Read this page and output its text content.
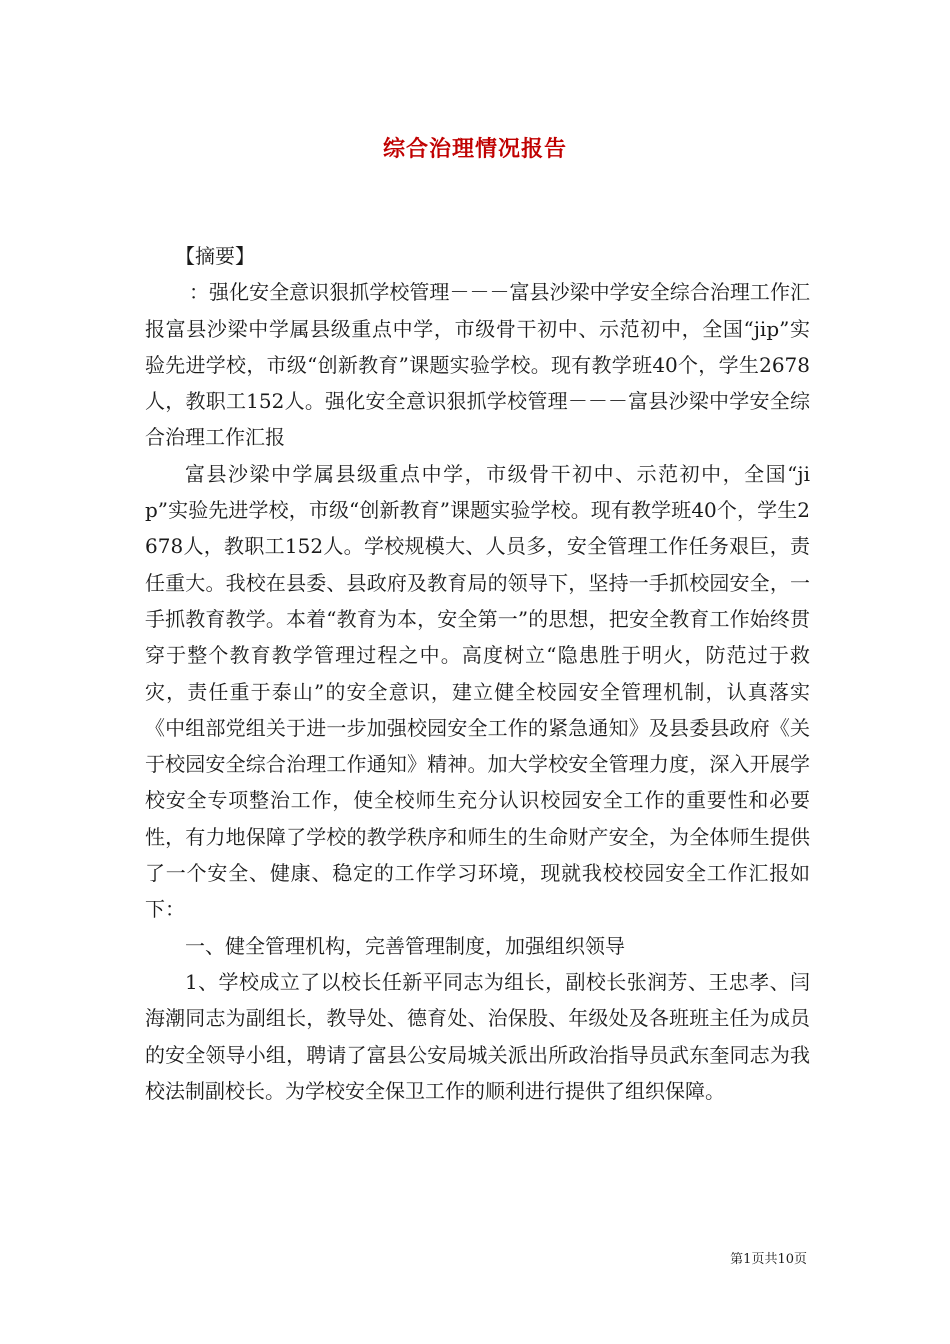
综合治理情况报告

【摘要】

：强化安全意识狠抓学校管理－－－富县沙梁中学安全综合治理工作汇报富县沙梁中学属县级重点中学，市级骨干初中、示范初中，全国“jip”实验先进学校，市级“创新教育”课题实验学校。现有教学班40个，学生2678人，教职工152人。强化安全意识狠抓学校管理－－－富县沙梁中学安全综合治理工作汇报

富县沙梁中学属县级重点中学，市级骨干初中、示范初中，全国“jip”实验先进学校，市级“创新教育”课题实验学校。现有教学班40个，学生2678人，教职工152人。学校规模大、人员多，安全管理工作任务艰巨，责任重大。我校在县委、县政府及教育局的领导下，坚持一手抓校园安全，一手抓教育教学。本着“教育为本，安全第一”的思想，把安全教育工作始终贯穿于整个教育教学管理过程之中。高度树立“隐患胜于明火，防范过于救灾，责任重于泰山”的安全意识，建立健全校园安全管理机制，认真落实《中组部党组关于进一步加强校园安全工作的紧急通知》及县委县政府《关于校园安全综合治理工作通知》精神。加大学校安全管理力度，深入开展学校安全专项整治工作，使全校师生充分认识校园安全工作的重要性和必要性，有力地保障了学校的教学秩序和师生的生命财产安全，为全体师生提供了一个安全、健康、稳定的工作学习环境，现就我校校园安全工作汇报如下：

一、健全管理机构，完善管理制度，加强组织领导

1、学校成立了以校长任新平同志为组长，副校长张润芳、王忠孝、闫海潮同志为副组长，教导处、德育处、治保股、年级处及各班班主任为成员的安全领导小组，聘请了富县公安局城关派出所政治指导员武东奎同志为我校法制副校长。为学校安全保卫工作的顺利进行提供了组织保障。

第1页共10页
